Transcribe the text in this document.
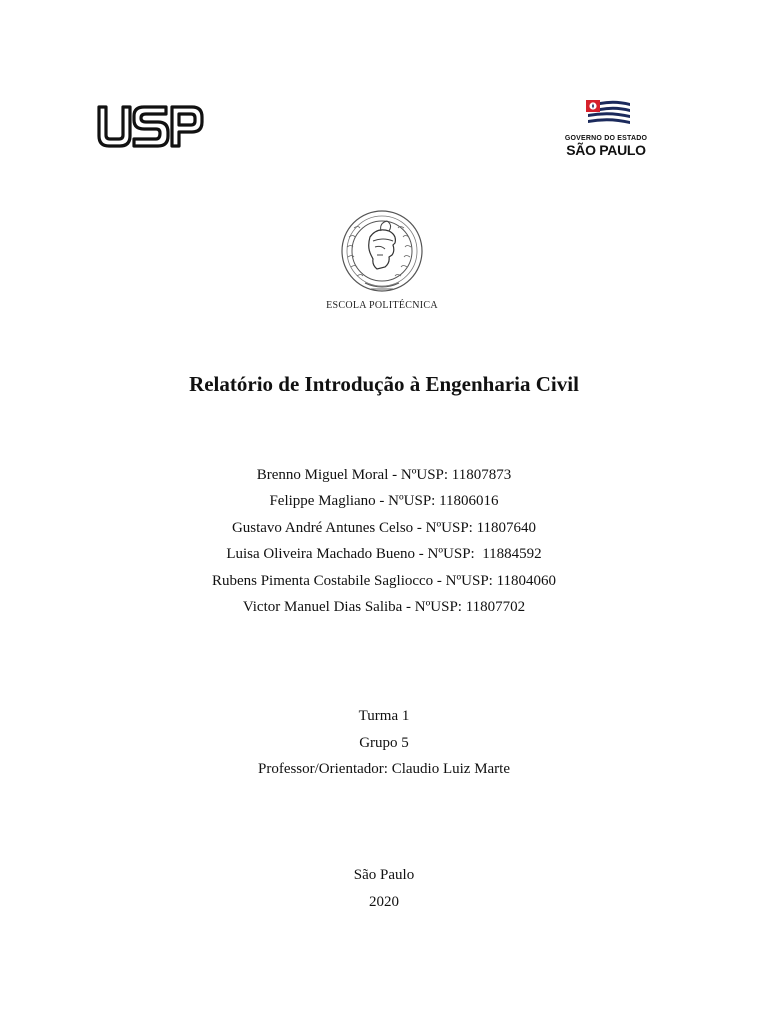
GOVERNO DO ESTADO
SÃO PAULO
ESCOLA POLITÉCNICA
Relatório de Introdução à Engenharia Civil
Brenno Miguel Moral - NºUSP: 11807873
Felippe Magliano - NºUSP: 11806016
Gustavo André Antunes Celso - NºUSP: 11807640
Luisa Oliveira Machado Bueno - NºUSP:  11884592
Rubens Pimenta Costabile Sagliocco - NºUSP: 11804060
Victor Manuel Dias Saliba - NºUSP: 11807702
Turma 1
Grupo 5
Professor/Orientador: Claudio Luiz Marte
São Paulo
2020
